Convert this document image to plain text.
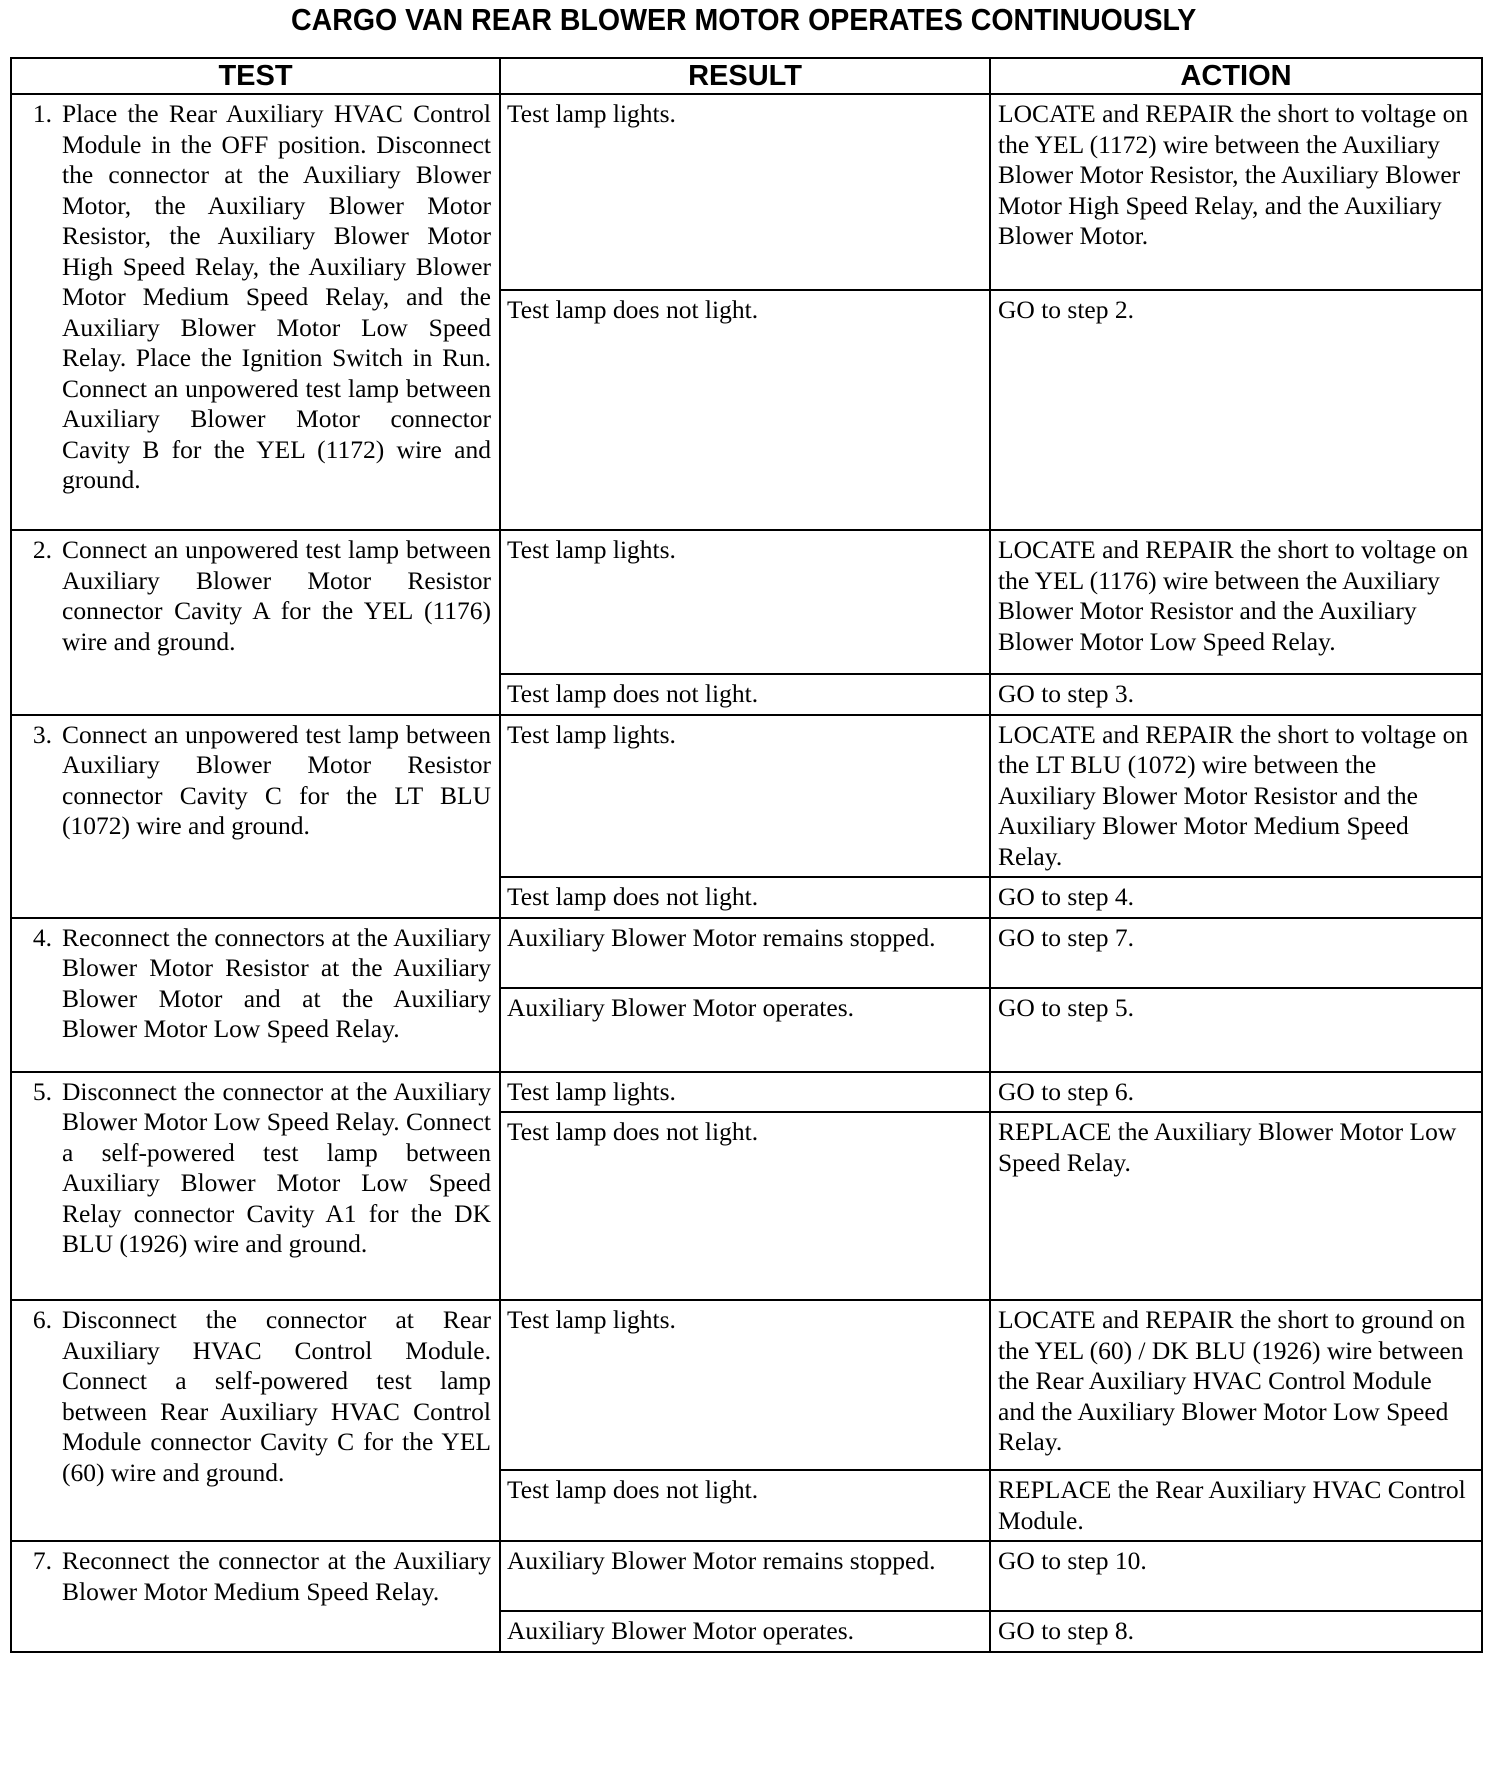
CARGO VAN REAR BLOWER MOTOR OPERATES CONTINUOUSLY
TEST	RESULT	ACTION

1. Place the Rear Auxiliary HVAC Control Module in the OFF position. Disconnect the connector at the Auxiliary Blower Motor, the Auxiliary Blower Motor Resistor, the Auxiliary Blower Motor High Speed Relay, the Auxiliary Blower Motor Medium Speed Relay, and the Auxiliary Blower Motor Low Speed Relay. Place the Ignition Switch in Run. Connect an unpowered test lamp between Auxiliary Blower Motor connector Cavity B for the YEL (1172) wire and ground.	Test lamp lights.	LOCATE and REPAIR the short to voltage on the YEL (1172) wire between the Auxiliary Blower Motor Resistor, the Auxiliary Blower Motor High Speed Relay, and the Auxiliary Blower Motor.
	Test lamp does not light.	GO to step 2.

2. Connect an unpowered test lamp between Auxiliary Blower Motor Resistor connector Cavity A for the YEL (1176) wire and ground.	Test lamp lights.	LOCATE and REPAIR the short to voltage on the YEL (1176) wire between the Auxiliary Blower Motor Resistor and the Auxiliary Blower Motor Low Speed Relay.
	Test lamp does not light.	GO to step 3.

3. Connect an unpowered test lamp between Auxiliary Blower Motor Resistor connector Cavity C for the LT BLU (1072) wire and ground.	Test lamp lights.	LOCATE and REPAIR the short to voltage on the LT BLU (1072) wire between the Auxiliary Blower Motor Resistor and the Auxiliary Blower Motor Medium Speed Relay.
	Test lamp does not light.	GO to step 4.

4. Reconnect the connectors at the Auxiliary Blower Motor Resistor at the Auxiliary Blower Motor and at the Auxiliary Blower Motor Low Speed Relay.	Auxiliary Blower Motor remains stopped.	GO to step 7.
	Auxiliary Blower Motor operates.	GO to step 5.

5. Disconnect the connector at the Auxiliary Blower Motor Low Speed Relay. Connect a self-powered test lamp between Auxiliary Blower Motor Low Speed Relay connector Cavity A1 for the DK BLU (1926) wire and ground.	Test lamp lights.	GO to step 6.
	Test lamp does not light.	REPLACE the Auxiliary Blower Motor Low Speed Relay.

6. Disconnect the connector at Rear Auxiliary HVAC Control Module. Connect a self-powered test lamp between Rear Auxiliary HVAC Control Module connector Cavity C for the YEL (60) wire and ground.	Test lamp lights.	LOCATE and REPAIR the short to ground on the YEL (60) / DK BLU (1926) wire between the Rear Auxiliary HVAC Control Module and the Auxiliary Blower Motor Low Speed Relay.
	Test lamp does not light.	REPLACE the Rear Auxiliary HVAC Control Module.

7. Reconnect the connector at the Auxiliary Blower Motor Medium Speed Relay.	Auxiliary Blower Motor remains stopped.	GO to step 10.
	Auxiliary Blower Motor operates.	GO to step 8.
